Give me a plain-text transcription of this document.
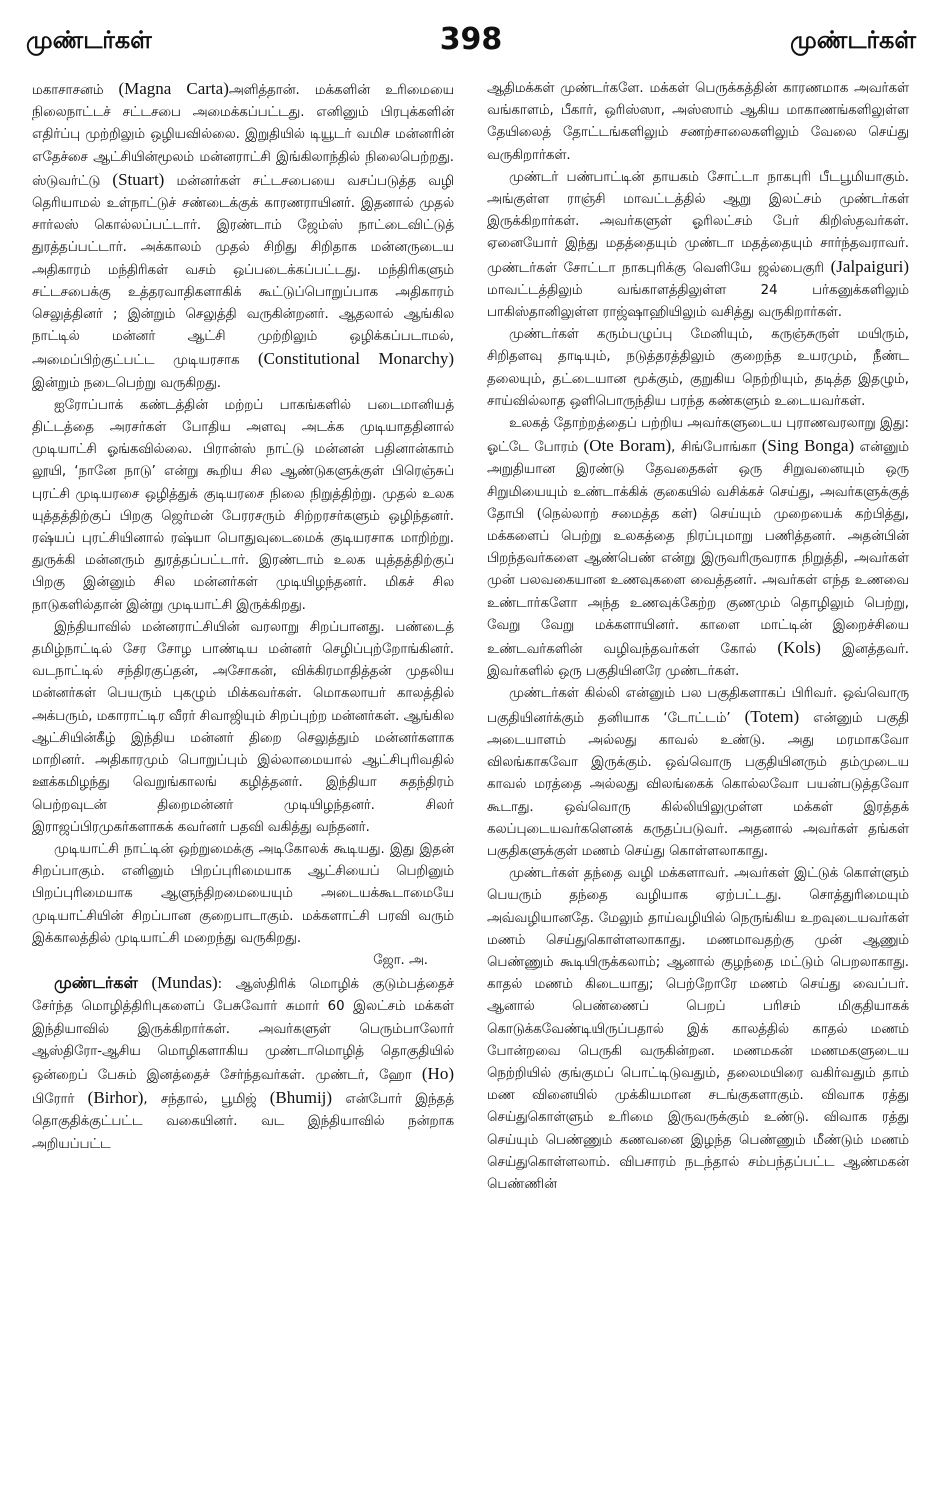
முண்டர்கள்	398	முண்டர்கள்

மகாசாசனம் (Magna Carta)அளித்தான். மக்களின் உரிமையை நிலைநாட்டச் சட்டசபை அமைக்கப்பட்டது. எனினும் பிரபுக்களின் எதிர்ப்பு முற்றிலும் ஒழியவில்லை. இறுதியில் டியூடர் வமிச மன்னரின் எதேச்சை ஆட்சியின்மூலம் மன்னராட்சி இங்கிலாந்தில் நிலைபெற்றது. ஸ்டுவர்ட்டு (Stuart) மன்னர்கள் சட்டசபையை வசப்படுத்த வழி தெரியாமல் உள்நாட்டுச் சண்டைக்குக் காரணராயினர். இதனால் முதல் சார்லஸ் கொல்லப்பட்டார். இரண்டாம் ஜேம்ஸ் நாட்டைவிட்டுத் துரத்தப்பட்டார். அக்காலம் முதல் சிறிது சிறிதாக மன்னருடைய அதிகாரம் மந்திரிகள் வசம் ஒப்படைக்கப்பட்டது. மந்திரிகளும் சட்டசபைக்கு உத்தரவாதிகளாகிக் கூட்டுப்பொறுப்பாக அதிகாரம் செலுத்தினர் ; இன்றும் செலுத்தி வருகின்றனர். ஆதலால் ஆங்கில நாட்டில் மன்னர் ஆட்சி முற்றிலும் ஒழிக்கப்படாமல், அமைப்பிற்குட்பட்ட முடியரசாக (Constitutional Monarchy) இன்றும் நடைபெற்று வருகிறது.

ஐரோப்பாக் கண்டத்தின் மற்றப் பாகங்களில் படைமானியத் திட்டத்தை அரசர்கள் போதிய அளவு அடக்க முடியாததினால் முடியாட்சி ஓங்கவில்லை. பிரான்ஸ் நாட்டு மன்னன் பதினான்காம் லூயி, ‘நானே நாடு’ என்று கூறிய சில ஆண்டுகளுக்குள் பிரெஞ்சுப் புரட்சி முடியரசை ஒழித்துக் குடியரசை நிலை நிறுத்திற்று. முதல் உலக யுத்தத்திற்குப் பிறகு ஜெர்மன் பேரரசரும் சிற்றரசர்களும் ஒழிந்தனர். ரஷ்யப் புரட்சியினால் ரஷ்யா பொதுவுடைமைக் குடியரசாக மாறிற்று. துருக்கி மன்னரும் துரத்தப்பட்டார். இரண்டாம் உலக யுத்தத்திற்குப் பிறகு இன்னும் சில மன்னர்கள் முடியிழந்தனர். மிகச் சில நாடுகளில்தான் இன்று முடியாட்சி இருக்கிறது.

இந்தியாவில் மன்னராட்சியின் வரலாறு சிறப்பானது. பண்டைத் தமிழ்நாட்டில் சேர சோழ பாண்டிய மன்னர் செழிப்புற்றோங்கினர். வடநாட்டில் சந்திரகுப்தன், அசோகன், விக்கிரமாதித்தன் முதலிய மன்னர்கள் பெயரும் புகழும் மிக்கவர்கள். மொகலாயர் காலத்தில் அக்பரும், மகாராட்டிர வீரர் சிவாஜியும் சிறப்புற்ற மன்னர்கள். ஆங்கில ஆட்சியின்கீழ் இந்திய மன்னர் திறை செலுத்தும் மன்னர்களாக மாறினர். அதிகாரமும் பொறுப்பும் இல்லாமையால் ஆட்சிபுரிவதில் ஊக்கமிழந்து வெறுங்காலங் கழித்தனர். இந்தியா சுதந்திரம் பெற்றவுடன் திறைமன்னர் முடியிழந்தனர். சிலர் இராஜப்பிரமுகர்களாகக் கவர்னர் பதவி வகித்து வந்தனர்.

முடியாட்சி நாட்டின் ஒற்றுமைக்கு அடிகோலக் கூடியது. இது இதன் சிறப்பாகும். எனினும் பிறப்புரிமையாக ஆட்சியைப் பெறினும் பிறப்புரிமையாக ஆளுந்திறமையையும் அடையக்கூடாமையே முடியாட்சியின் சிறப்பான குறைபாடாகும். மக்களாட்சி பரவி வரும் இக்காலத்தில் முடியாட்சி மறைந்து வருகிறது.

ஜோ. அ.

முண்டர்கள் (Mundas): ஆஸ்திரிக் மொழிக் குடும்பத்தைச் சேர்ந்த மொழித்திரிபுகளைப் பேசுவோர் சுமார் 60 இலட்சம் மக்கள் இந்தியாவில் இருக்கிறார்கள். அவர்களுள் பெரும்பாலோர் ஆஸ்திரோ-ஆசிய மொழிகளாகிய முண்டாமொழித் தொகுதியில் ஒன்றைப் பேசும் இனத்தைச் சேர்ந்தவர்கள். முண்டர், ஹோ (Ho) பிரோர் (Birhor), சந்தால், பூமிஜ் (Bhumij) என்போர் இந்தத் தொகுதிக்குட்பட்ட வகையினர். வட இந்தியாவில் நன்றாக அறியப்பட்ட

ஆதிமக்கள் முண்டர்களே. மக்கள் பெருக்கத்தின் காரணமாக அவர்கள் வங்காளம், பீகார், ஒரிஸ்ஸா, அஸ்ஸாம் ஆகிய மாகாணங்களிலுள்ள தேயிலைத் தோட்டங்களிலும் சணற்சாலைகளிலும் வேலை செய்து வருகிறார்கள்.

முண்டர் பண்பாட்டின் தாயகம் சோட்டா நாகபுரி பீடபூமியாகும். அங்குள்ள ராஞ்சி மாவட்டத்தில் ஆறு இலட்சம் முண்டர்கள் இருக்கிறார்கள். அவர்களுள் ஓரிலட்சம் பேர் கிறிஸ்தவர்கள். ஏனையோர் இந்து மதத்தையும் முண்டா மதத்தையும் சார்ந்தவராவர். முண்டர்கள் சோட்டா நாகபுரிக்கு வெளியே ஜல்பைகுரி (Jalpaiguri) மாவட்டத்திலும் வங்காளத்திலுள்ள 24 பர்கனுக்களிலும் பாகிஸ்தானிலுள்ள ராஜ்ஷாஹியிலும் வசித்து வருகிறார்கள்.

முண்டர்கள் கரும்பழுப்பு மேனியும், கருஞ்சுருள் மயிரும், சிறிதளவு தாடியும், நடுத்தரத்திலும் குறைந்த உயரமும், நீண்ட தலையும், தட்டையான மூக்கும், குறுகிய நெற்றியும், தடித்த இதழும், சாய்வில்லாத ஒளிபொருந்திய பரந்த கண்களும் உடையவர்கள்.

உலகத் தோற்றத்தைப் பற்றிய அவர்களுடைய புராணவரலாறு இது: ஓட்டே போரம் (Ote Boram), சிங்போங்கா (Sing Bonga) என்னும் அறுதியான இரண்டு தேவதைகள் ஒரு சிறுவனையும் ஒரு சிறுமியையும் உண்டாக்கிக் குகையில் வசிக்கச் செய்து, அவர்களுக்குத் தோபி (நெல்லாற் சமைத்த கள்) செய்யும் முறையைக் கற்பித்து, மக்களைப் பெற்று உலகத்தை நிரப்புமாறு பணித்தனர். அதன்பின் பிறந்தவர்களை ஆண்பெண் என்று இருவரிருவராக நிறுத்தி, அவர்கள் முன் பலவகையான உணவுகளை வைத்தனர். அவர்கள் எந்த உணவை உண்டார்களோ அந்த உணவுக்கேற்ற குணமும் தொழிலும் பெற்று, வேறு வேறு மக்களாயினர். காளை மாட்டின் இறைச்சியை உண்டவர்களின் வழிவந்தவர்கள் கோல் (Kols) இனத்தவர். இவர்களில் ஒரு பகுதியினரே முண்டர்கள்.

முண்டர்கள் கில்லி என்னும் பல பகுதிகளாகப் பிரிவர். ஒவ்வொரு பகுதியினர்க்கும் தனியாக ‘டோட்டம்’ (Totem) என்னும் பகுதி அடையாளம் அல்லது காவல் உண்டு. அது மரமாகவோ விலங்காகவோ இருக்கும். ஒவ்வொரு பகுதியினரும் தம்முடைய காவல் மரத்தை அல்லது விலங்கைக் கொல்லவோ பயன்படுத்தவோ கூடாது. ஒவ்வொரு கில்லியிலுமுள்ள மக்கள் இரத்தக் கலப்புடையவர்களெனக் கருதப்படுவர். அதனால் அவர்கள் தங்கள் பகுதிகளுக்குள் மணம் செய்து கொள்ளலாகாது.

முண்டர்கள் தந்தை வழி மக்களாவர். அவர்கள் இட்டுக் கொள்ளும் பெயரும் தந்தை வழியாக ஏற்பட்டது. சொத்துரிமையும் அவ்வழியானதே. மேலும் தாய்வழியில் நெருங்கிய உறவுடையவர்கள் மணம் செய்துகொள்ளலாகாது. மணமாவதற்கு முன் ஆணும் பெண்ணும் கூடியிருக்கலாம்; ஆனால் குழந்தை மட்டும் பெறலாகாது. காதல் மணம் கிடையாது; பெற்றோரே மணம் செய்து வைப்பர். ஆனால் பெண்ணைப் பெறப் பரிசம் மிகுதியாகக் கொடுக்கவேண்டியிருப்பதால் இக் காலத்தில் காதல் மணம் போன்றவை பெருகி வருகின்றன. மணமகன் மணமகளுடைய நெற்றியில் குங்குமப் பொட்டிடுவதும், தலைமயிரை வகிர்வதும் தாம் மண வினையில் முக்கியமான சடங்குகளாகும். விவாக ரத்து செய்துகொள்ளும் உரிமை இருவருக்கும் உண்டு. விவாக ரத்து செய்யும் பெண்ணும் கணவனை இழந்த பெண்ணும் மீண்டும் மணம் செய்துகொள்ளலாம். விபசாரம் நடந்தால் சம்பந்தப்பட்ட ஆண்மகன் பெண்ணின்
